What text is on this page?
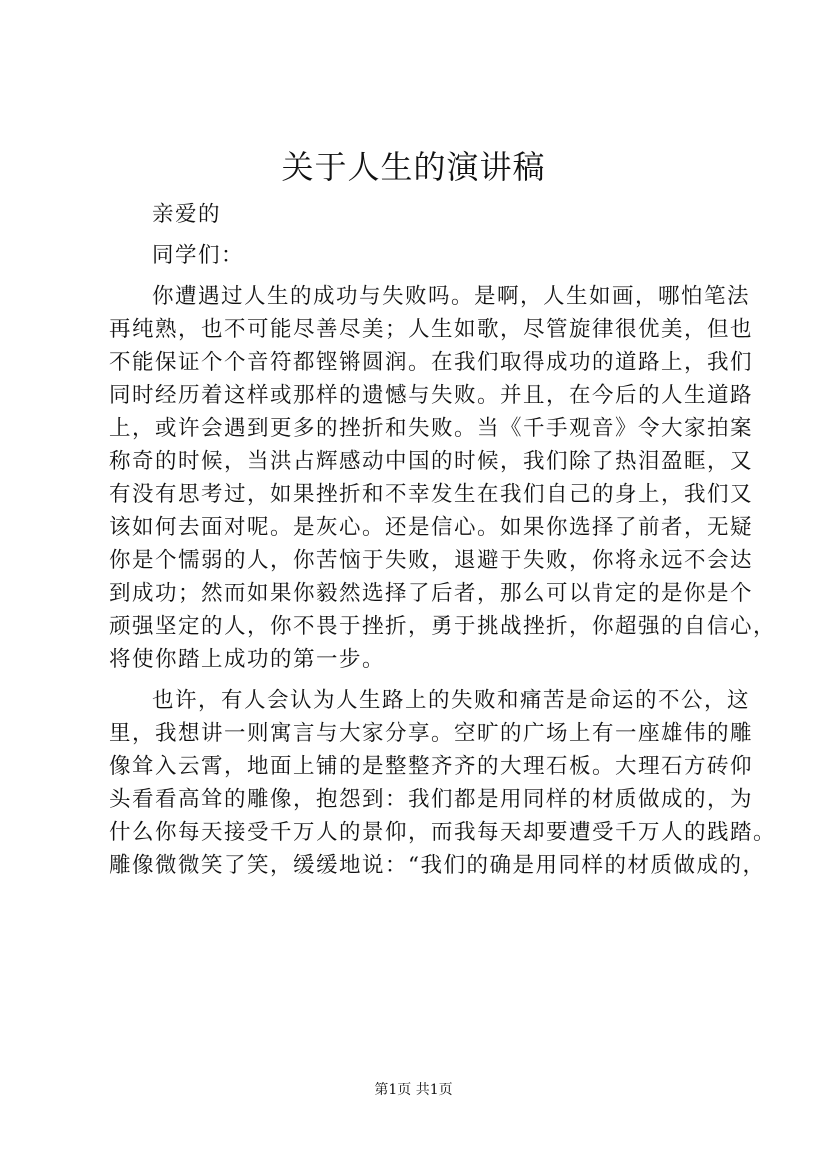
关于人生的演讲稿
亲爱的
同学们：
你遭遇过人生的成功与失败吗。是啊，人生如画，哪怕笔法
再纯熟，也不可能尽善尽美；人生如歌，尽管旋律很优美，但也
不能保证个个音符都铿锵圆润。在我们取得成功的道路上，我们
同时经历着这样或那样的遗憾与失败。并且，在今后的人生道路
上，或许会遇到更多的挫折和失败。当《千手观音》令大家拍案
称奇的时候，当洪占辉感动中国的时候，我们除了热泪盈眶，又
有没有思考过，如果挫折和不幸发生在我们自己的身上，我们又
该如何去面对呢。是灰心。还是信心。如果你选择了前者，无疑
你是个懦弱的人，你苦恼于失败，退避于失败，你将永远不会达
到成功；然而如果你毅然选择了后者，那么可以肯定的是你是个
顽强坚定的人，你不畏于挫折，勇于挑战挫折，你超强的自信心，
将使你踏上成功的第一步。
也许，有人会认为人生路上的失败和痛苦是命运的不公，这
里，我想讲一则寓言与大家分享。空旷的广场上有一座雄伟的雕
像耸入云霄，地面上铺的是整整齐齐的大理石板。大理石方砖仰
头看看高耸的雕像，抱怨到：我们都是用同样的材质做成的，为
什么你每天接受千万人的景仰，而我每天却要遭受千万人的践踏。
雕像微微笑了笑，缓缓地说：“我们的确是用同样的材质做成的，
第1页 共1页
